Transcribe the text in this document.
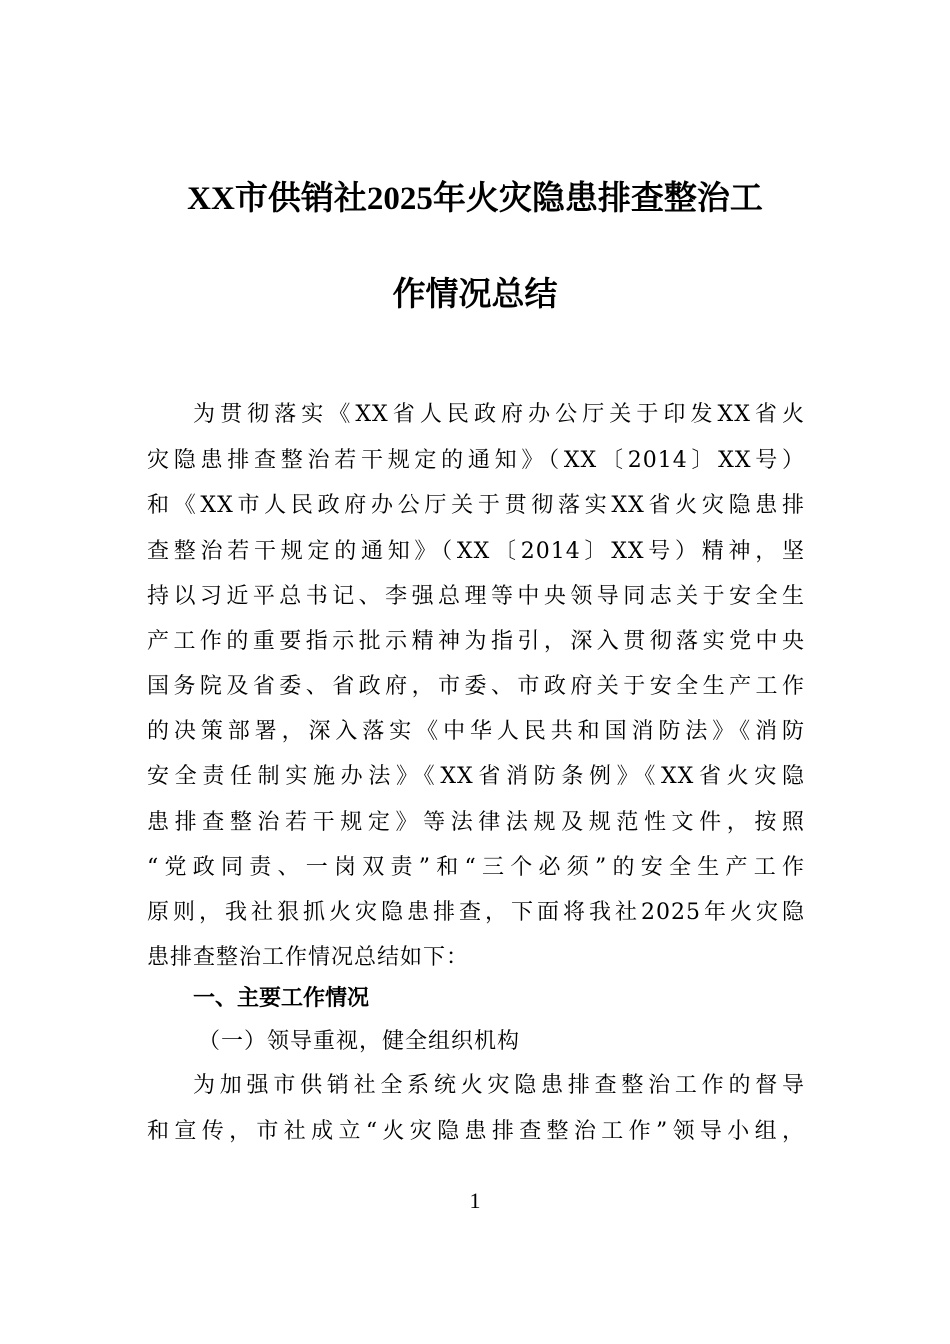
XX市供销社2025年火灾隐患排查整治工
作情况总结
为贯彻落实《XX省人民政府办公厅关于印发XX省火
灾隐患排查整治若干规定的通知》（XX〔2014〕XX号）
和《XX市人民政府办公厅关于贯彻落实XX省火灾隐患排
查整治若干规定的通知》（XX〔2014〕XX号）精神，坚
持以习近平总书记、李强总理等中央领导同志关于安全生
产工作的重要指示批示精神为指引，深入贯彻落实党中央
国务院及省委、省政府，市委、市政府关于安全生产工作
的决策部署，深入落实《中华人民共和国消防法》《消防
安全责任制实施办法》《XX省消防条例》《XX省火灾隐
患排查整治若干规定》等法律法规及规范性文件，按照
“党政同责、一岗双责”和“三个必须”的安全生产工作
原则，我社狠抓火灾隐患排查，下面将我社2025年火灾隐
患排查整治工作情况总结如下：
一、主要工作情况
（一）领导重视，健全组织机构
为加强市供销社全系统火灾隐患排查整治工作的督导
和宣传，市社成立“火灾隐患排查整治工作”领导小组，
1
